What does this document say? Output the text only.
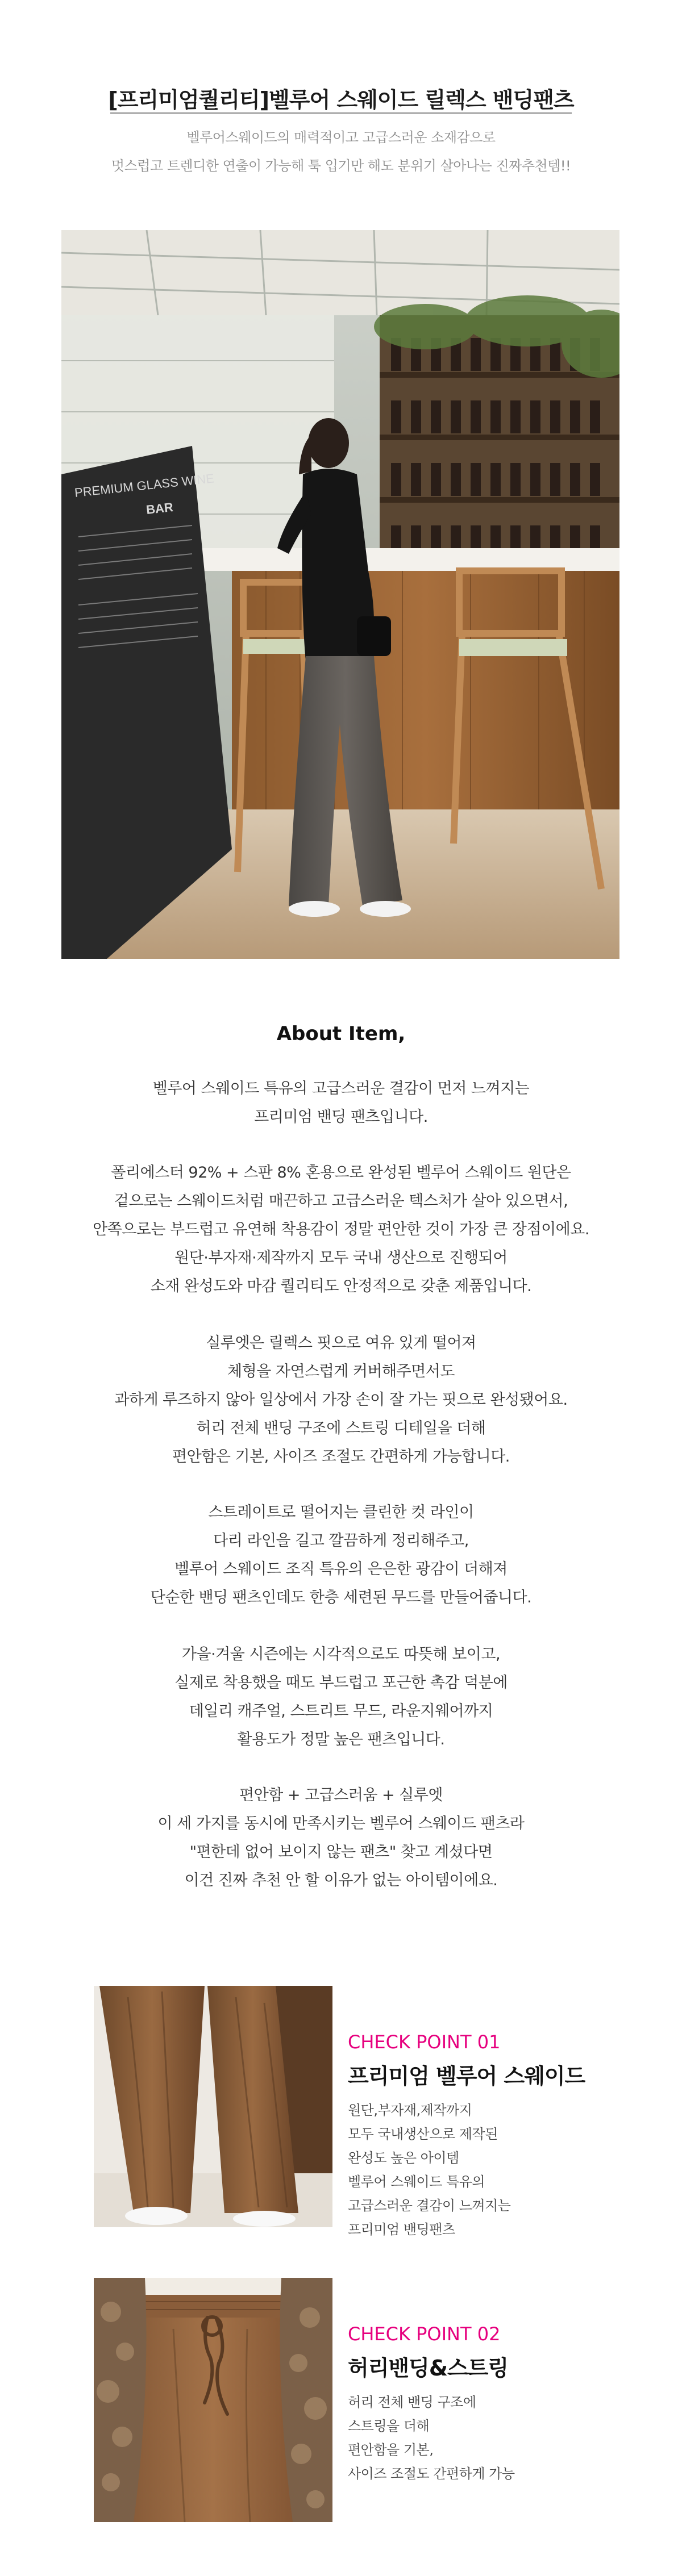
[프리미엄퀄리티]벨루어 스웨이드 릴렉스 밴딩팬츠
벨루어스웨이드의 매력적이고 고급스러운 소재감으로
멋스럽고 트렌디한 연출이 가능해 툭 입기만 해도 분위기 살아나는 진짜추천템!!
PREMIUM GLASS WINE
BAR
About Item,
벨루어 스웨이드 특유의 고급스러운 결감이 먼저 느껴지는
프리미엄 밴딩 팬츠입니다.
폴리에스터 92% + 스판 8% 혼용으로 완성된 벨루어 스웨이드 원단은
겉으로는 스웨이드처럼 매끈하고 고급스러운 텍스처가 살아 있으면서,
안쪽으로는 부드럽고 유연해 착용감이 정말 편안한 것이 가장 큰 장점이에요.
원단·부자재·제작까지 모두 국내 생산으로 진행되어
소재 완성도와 마감 퀄리티도 안정적으로 갖춘 제품입니다.
실루엣은 릴렉스 핏으로 여유 있게 떨어져
체형을 자연스럽게 커버해주면서도
과하게 루즈하지 않아 일상에서 가장 손이 잘 가는 핏으로 완성됐어요.
허리 전체 밴딩 구조에 스트링 디테일을 더해
편안함은 기본, 사이즈 조절도 간편하게 가능합니다.
스트레이트로 떨어지는 클린한 컷 라인이
다리 라인을 길고 깔끔하게 정리해주고,
벨루어 스웨이드 조직 특유의 은은한 광감이 더해져
단순한 밴딩 팬츠인데도 한층 세련된 무드를 만들어줍니다.
가을·겨울 시즌에는 시각적으로도 따뜻해 보이고,
실제로 착용했을 때도 부드럽고 포근한 촉감 덕분에
데일리 캐주얼, 스트리트 무드, 라운지웨어까지
활용도가 정말 높은 팬츠입니다.
편안함 + 고급스러움 + 실루엣
이 세 가지를 동시에 만족시키는 벨루어 스웨이드 팬츠라
"편한데 없어 보이지 않는 팬츠" 찾고 계셨다면
이건 진짜 추천 안 할 이유가 없는 아이템이에요.
CHECK POINT 01
프리미엄 벨루어 스웨이드
원단,부자재,제작까지
모두 국내생산으로 제작된
완성도 높은 아이템
벨루어 스웨이드 특유의
고급스러운 결감이 느껴지는
프리미엄 밴딩팬츠
CHECK POINT 02
허리밴딩&스트링
허리 전체 밴딩 구조에
스트링을 더해
편안함을 기본,
사이즈 조절도 간편하게 가능
